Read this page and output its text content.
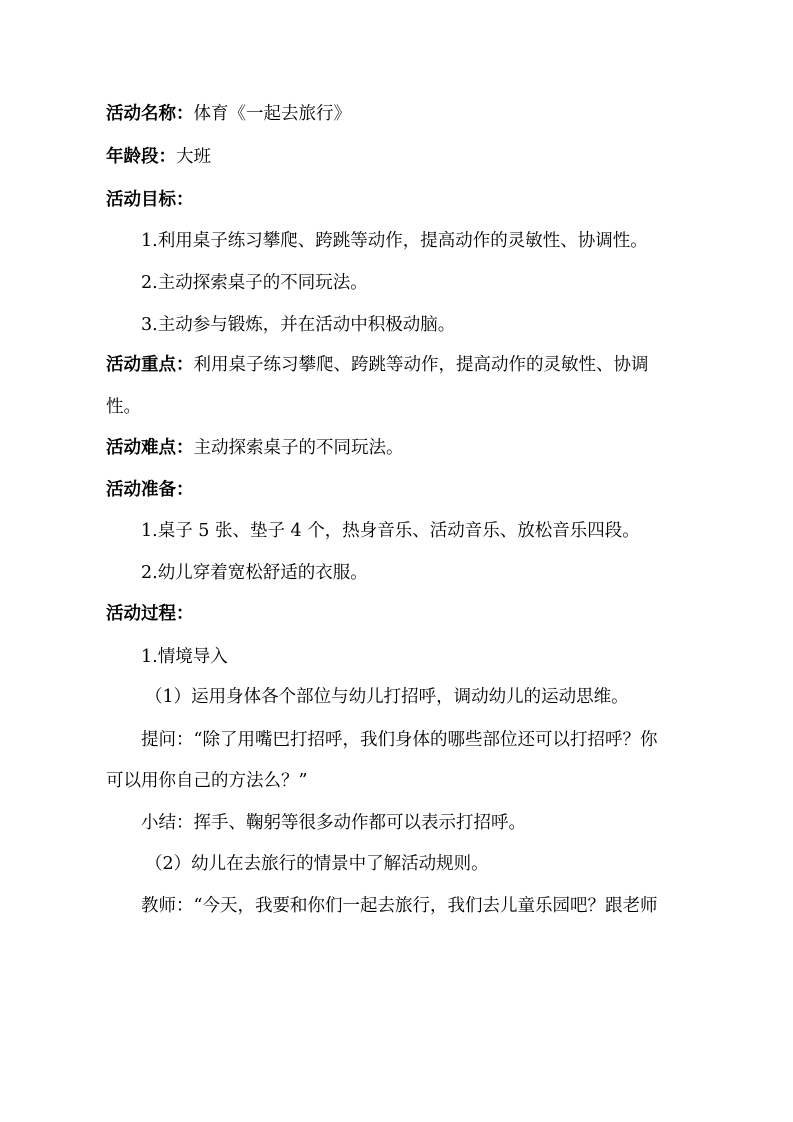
活动名称：体育《一起去旅行》
年龄段：大班
活动目标：
1.利用桌子练习攀爬、跨跳等动作，提高动作的灵敏性、协调性。
2.主动探索桌子的不同玩法。
3.主动参与锻炼，并在活动中积极动脑。
活动重点：利用桌子练习攀爬、跨跳等动作，提高动作的灵敏性、协调
性。
活动难点：主动探索桌子的不同玩法。
活动准备：
1.桌子 5 张、垫子 4 个，热身音乐、活动音乐、放松音乐四段。
2.幼儿穿着宽松舒适的衣服。
活动过程：
1.情境导入
（1）运用身体各个部位与幼儿打招呼，调动幼儿的运动思维。
提问：“除了用嘴巴打招呼，我们身体的哪些部位还可以打招呼？你
可以用你自己的方法么？”
小结：挥手、鞠躬等很多动作都可以表示打招呼。
（2）幼儿在去旅行的情景中了解活动规则。
教师：“今天，我要和你们一起去旅行，我们去儿童乐园吧？跟老师
